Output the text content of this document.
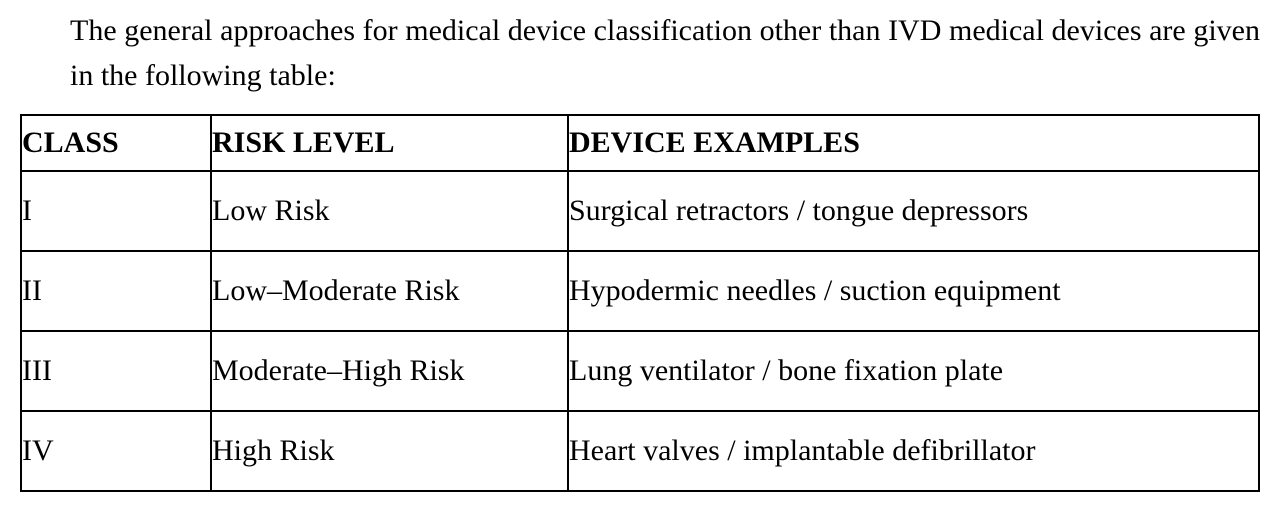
The general approaches for medical device classification other than IVD medical devices are given in the following table:

CLASS	RISK LEVEL	DEVICE EXAMPLES
I	Low Risk	Surgical retractors / tongue depressors
II	Low–Moderate Risk	Hypodermic needles / suction equipment
III	Moderate–High Risk	Lung ventilator / bone fixation plate
IV	High Risk	Heart valves / implantable defibrillator
